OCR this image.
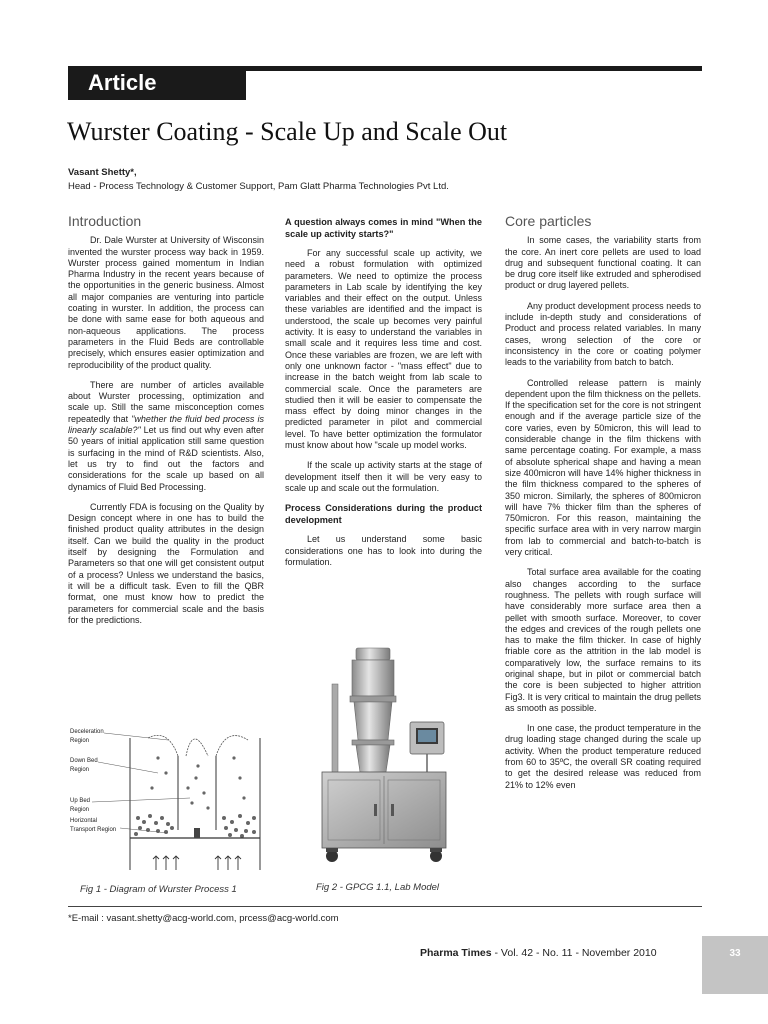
Article
Wurster Coating - Scale Up and Scale Out
Vasant Shetty*,
Head - Process Technology & Customer Support, Pam Glatt Pharma Technologies Pvt Ltd.
Introduction

Dr. Dale Wurster at University of Wisconsin invented the wurster process way back in 1959. Wurster process gained momentum in Indian Pharma Industry in the recent years because of the opportunities in the generic business. Almost all major companies are venturing into particle coating in wurster. In addition, the process can be done with same ease for both aqueous and non-aqueous applications. The process parameters in the Fluid Beds are controllable precisely, which ensures easier optimization and reproducibility of the product quality.

There are number of articles available about Wurster processing, optimization and scale up. Still the same misconception comes repeatedly that "whether the fluid bed process is linearly scalable?" Let us find out why even after 50 years of initial application still same question is surfacing in the mind of R&D scientists. Also, let us try to find out the factors and considerations for the scale up based on all dynamics of Fluid Bed Processing.

Currently FDA is focusing on the Quality by Design concept where in one has to build the finished product quality attributes in the design itself. Can we build the quality in the product itself by designing the Formulation and Parameters so that one will get consistent output of a process? Unless we understand the basics, it will be a difficult task. Even to fill the QBR format, one must know how to predict the parameters for commercial scale and the basis for the predictions.

Deceleration
Region
Down Bed
Region
Up Bed
Region
Horizontal
Transport Region
Fig 1 - Diagram of Wurster Process 1
A question always comes in mind "When the scale up activity starts?"

For any successful scale up activity, we need a robust formulation with optimized parameters. We need to optimize the process parameters in Lab scale by identifying the key variables and their effect on the output. Unless these variables are identified and the impact is understood, the scale up becomes very painful activity. It is easy to understand the variables in small scale and it requires less time and cost. Once these variables are frozen, we are left with only one unknown factor - "mass effect" due to increase in the batch weight from lab scale to commercial scale. Once the parameters are studied then it will be easier to compensate the mass effect by doing minor changes in the predicted parameter in pilot and commercial level. To have better optimization the formulator must know about how "scale up model works.

If the scale up activity starts at the stage of development itself then it will be very easy to scale up and scale out the formulation.

Process Considerations during the product development

Let us understand some basic considerations one has to look into during the formulation.

Fig 2 - GPCG 1.1, Lab Model
Core particles

In some cases, the variability starts from the core. An inert core pellets are used to load drug and subsequent functional coating. It can be drug core itself like extruded and spherodised product or drug layered pellets.

Any product development process needs to include in-depth study and considerations of Product and process related variables. In many cases, wrong selection of the core or inconsistency in the core or coating polymer leads to the variability from batch to batch.

Controlled release pattern is mainly dependent upon the film thickness on the pellets. If the specification set for the core is not stringent enough and if the average particle size of the core varies, even by 50micron, this will lead to considerable change in the film thickens with same percentage coating. For example, a mass of absolute spherical shape and having a mean size 400micron will have 14% higher thickness in the film thickness compared to the spheres of 350 micron. Similarly, the spheres of 800micron will have 7% thicker film than the spheres of 750micron. For this reason, maintaining the specific surface area with in very narrow margin from lab to commercial and batch-to-batch is very critical.

Total surface area available for the coating also changes according to the surface roughness. The pellets with rough surface will have considerably more surface area then a pellet with smooth surface. Moreover, to cover the edges and crevices of the rough pellets one has to make the film thicker. In case of highly friable core as the attrition in the lab model is comparatively low, the surface remains to its original shape, but in pilot or commercial batch the core is been subjected to higher attrition Fig3. It is very critical to maintain the drug pellets as smooth as possible.

In one case, the product temperature in the drug loading stage changed during the scale up activity. When the product temperature reduced from 60 to 35ºC, the overall SR coating required to get the desired release was reduced from 21% to 12% even

*E-mail : vasant.shetty@acg-world.com, prcess@acg-world.com
Pharma Times - Vol. 42 - No. 11 - November 2010	33
